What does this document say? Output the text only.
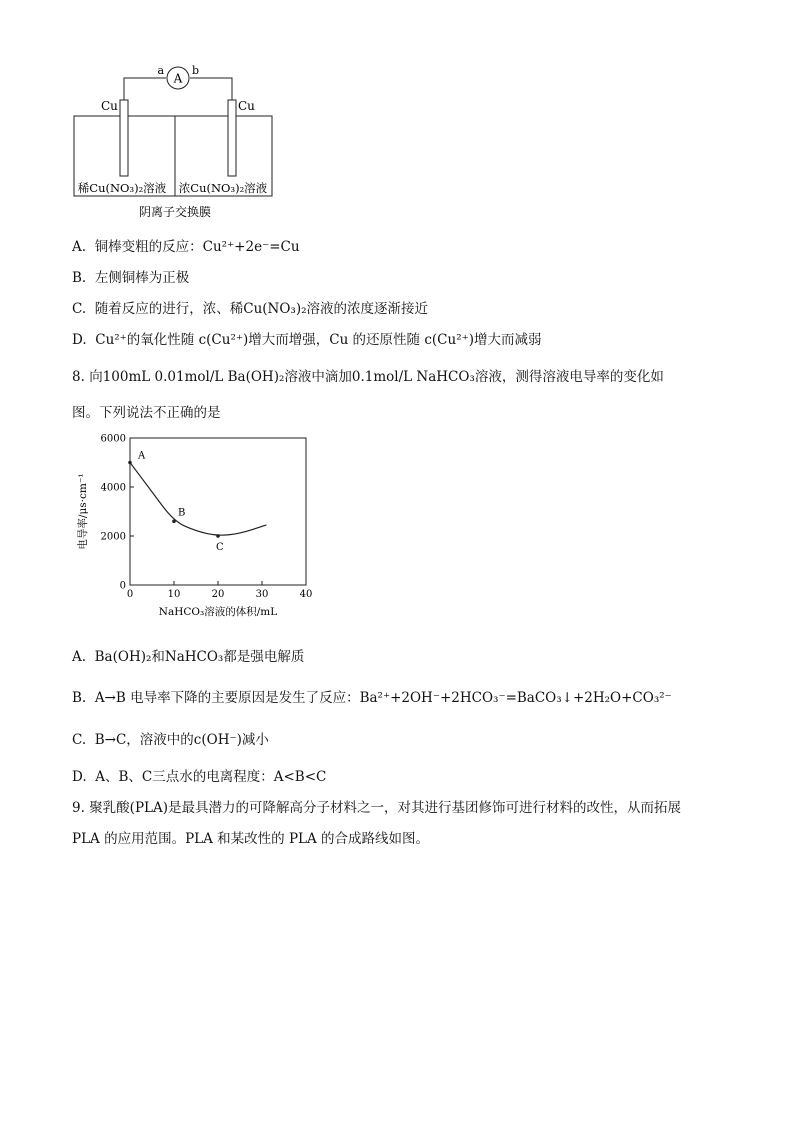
A
a	b
Cu	Cu
稀Cu(NO₃)₂溶液 浓Cu(NO₃)₂溶液
阴离子交换膜
A. 铜棒变粗的反应：Cu²⁺+2e⁻=Cu
B. 左侧铜棒为正极
C. 随着反应的进行，浓、稀Cu(NO₃)₂溶液的浓度逐渐接近
D. Cu²⁺的氧化性随 c(Cu²⁺)增大而增强，Cu 的还原性随 c(Cu²⁺)增大而减弱
8. 向100mL 0.01mol/L Ba(OH)₂溶液中滴加0.1mol/L NaHCO₃溶液，测得溶液电导率的变化如
图。下列说法不正确的是
0	10	20	30	40
0
2000
4000
6000
A
B
C
NaHCO₃溶液的体积/mL
电导率/μs·cm⁻¹
A. Ba(OH)₂和NaHCO₃都是强电解质
B. A→B 电导率下降的主要原因是发生了反应：Ba²⁺+2OH⁻+2HCO₃⁻=BaCO₃↓+2H₂O+CO₃²⁻
C. B→C，溶液中的c(OH⁻)减小
D. A、B、C三点水的电离程度：A<B<C
9. 聚乳酸(PLA)是最具潜力的可降解高分子材料之一，对其进行基团修饰可进行材料的改性，从而拓展
PLA 的应用范围。PLA 和某改性的 PLA 的合成路线如图。
